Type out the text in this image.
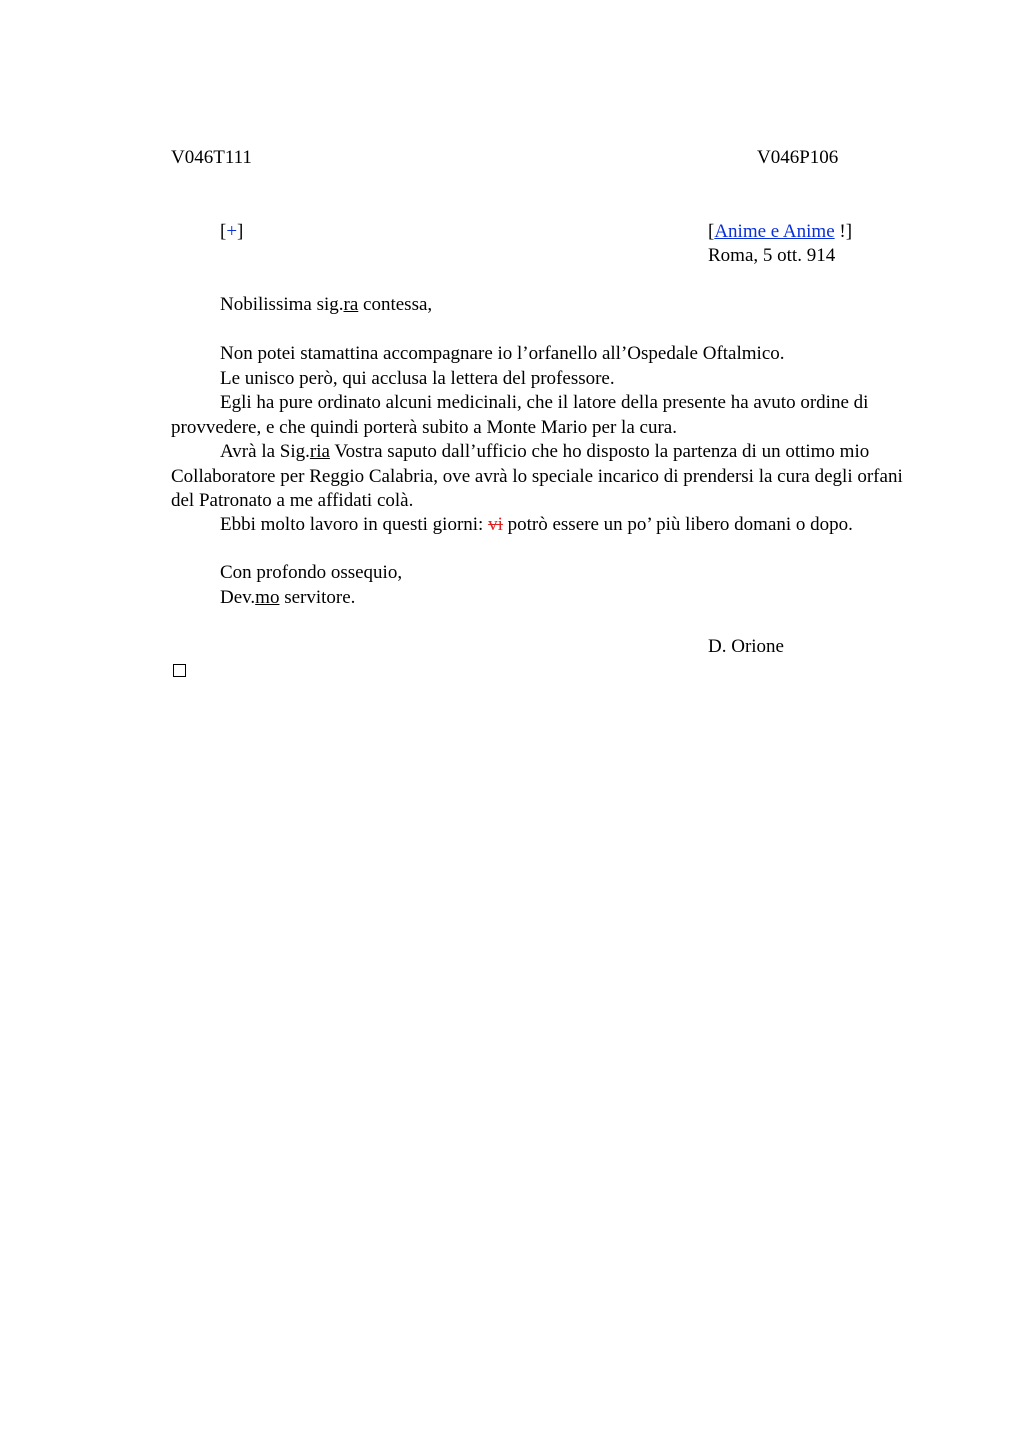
V046T111	V046P106
[+]	[Anime e Anime !]
Roma, 5 ott. 914
Nobilissima sig.ra contessa,
Non potei stamattina accompagnare io l’orfanello all’Ospedale Oftalmico.
Le unisco però, qui acclusa la lettera del professore.
Egli ha pure ordinato alcuni medicinali, che il latore della presente ha avuto ordine di provvedere, e che quindi porterà subito a Monte Mario per la cura.
Avrà la Sig.ria Vostra saputo dall’ufficio che ho disposto la partenza di un ottimo mio Collaboratore per Reggio Calabria, ove avrà lo speciale incarico di prendersi la cura degli orfani del Patronato a me affidati colà.
Ebbi molto lavoro in questi giorni: vi potrò essere un po’ più libero domani o dopo.
Con profondo ossequio,
Dev.mo servitore.
D. Orione
